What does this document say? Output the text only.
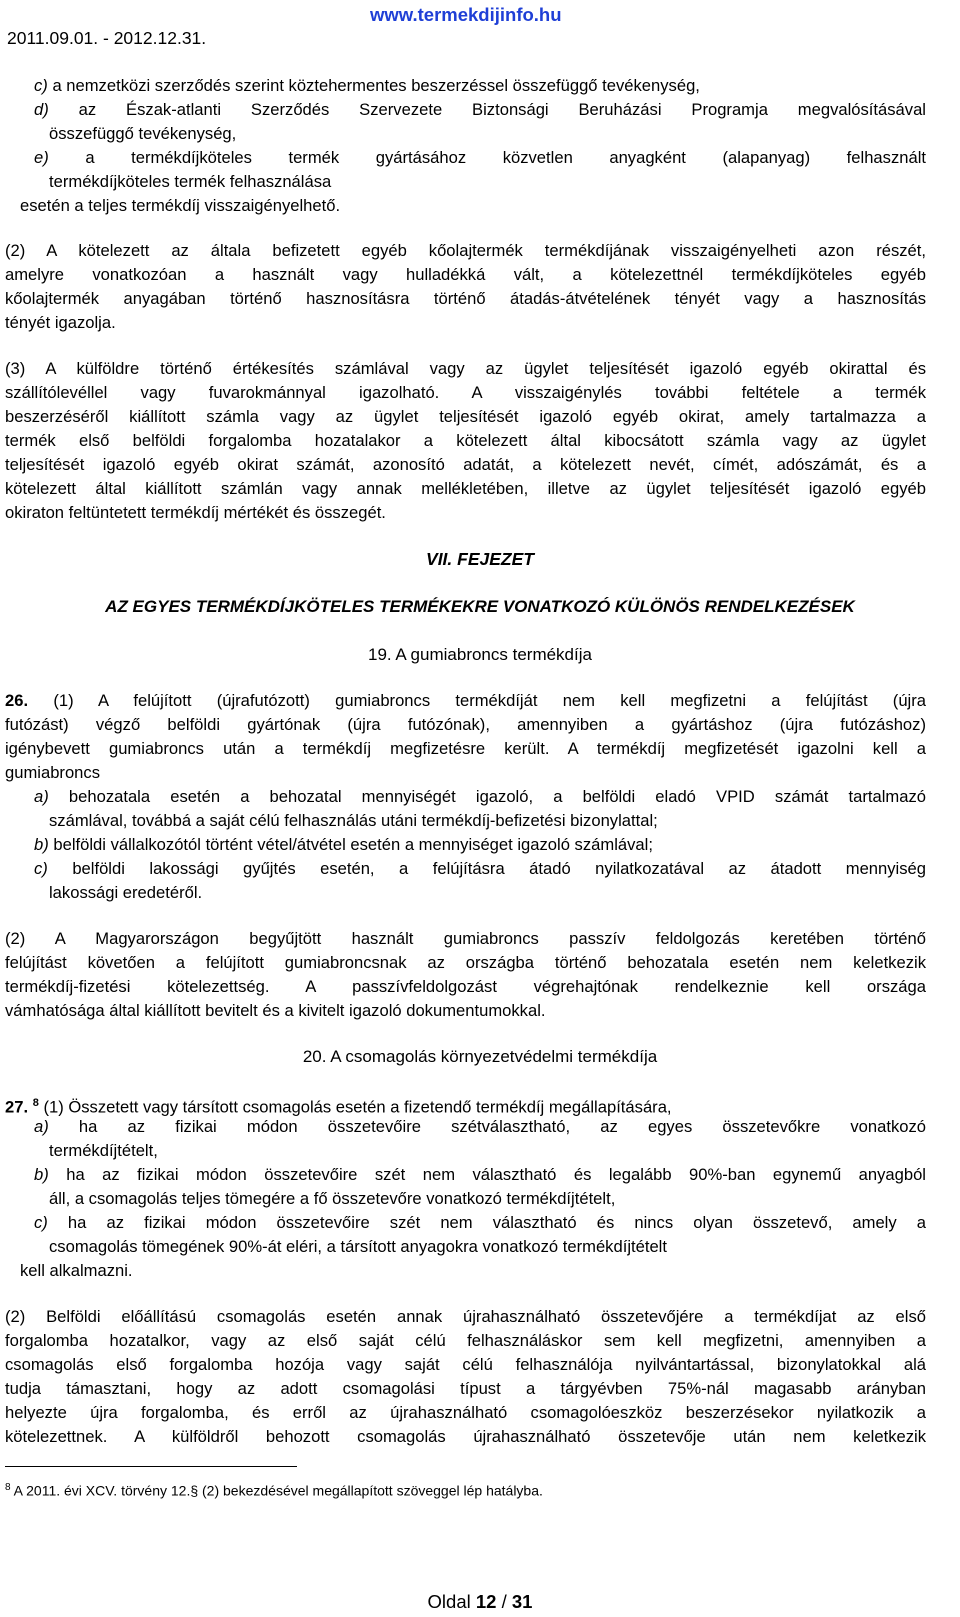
www.termekdijinfo.hu
2011.09.01. - 2012.12.31.
c) a nemzetközi szerződés szerint köztehermentes beszerzéssel összefüggő tevékenység,
d) az Észak-atlanti Szerződés Szervezete Biztonsági Beruházási Programja megvalósításával
összefüggő tevékenység,
e) a termékdíjköteles termék gyártásához közvetlen anyagként (alapanyag) felhasznált
termékdíjköteles termék felhasználása
esetén a teljes termékdíj visszaigényelhető.
(2) A kötelezett az általa befizetett egyéb kőolajtermék termékdíjának visszaigényelheti azon részét,
amelyre vonatkozóan a használt vagy hulladékká vált, a kötelezettnél termékdíjköteles egyéb
kőolajtermék anyagában történő hasznosításra történő átadás-átvételének tényét vagy a hasznosítás
tényét igazolja.
(3) A külföldre történő értékesítés számlával vagy az ügylet teljesítését igazoló egyéb okirattal és
szállítólevéllel vagy fuvarokmánnyal igazolható. A visszaigénylés további feltétele a termék
beszerzéséről kiállított számla vagy az ügylet teljesítését igazoló egyéb okirat, amely tartalmazza a
termék első belföldi forgalomba hozatalakor a kötelezett által kibocsátott számla vagy az ügylet
teljesítését igazoló egyéb okirat számát, azonosító adatát, a kötelezett nevét, címét, adószámát, és a
kötelezett által kiállított számlán vagy annak mellékletében, illetve az ügylet teljesítését igazoló egyéb
okiraton feltüntetett termékdíj mértékét és összegét.
VII. FEJEZET
AZ EGYES TERMÉKDÍJKÖTELES TERMÉKEKRE VONATKOZÓ KÜLÖNÖS RENDELKEZÉSEK
19. A gumiabroncs termékdíja
26. (1) A felújított (újrafutózott) gumiabroncs termékdíját nem kell megfizetni a felújítást (újra
futózást) végző belföldi gyártónak (újra futózónak), amennyiben a gyártáshoz (újra futózáshoz)
igénybevett gumiabroncs után a termékdíj megfizetésre került. A termékdíj megfizetését igazolni kell a
gumiabroncs
a) behozatala esetén a behozatal mennyiségét igazoló, a belföldi eladó VPID számát tartalmazó
számlával, továbbá a saját célú felhasználás utáni termékdíj-befizetési bizonylattal;
b) belföldi vállalkozótól történt vétel/átvétel esetén a mennyiséget igazoló számlával;
c) belföldi lakossági gyűjtés esetén, a felújításra átadó nyilatkozatával az átadott mennyiség
lakossági eredetéről.
(2) A Magyarországon begyűjtött használt gumiabroncs passzív feldolgozás keretében történő
felújítást követően a felújított gumiabroncsnak az országba történő behozatala esetén nem keletkezik
termékdíj-fizetési kötelezettség. A passzívfeldolgozást végrehajtónak rendelkeznie kell országa
vámhatósága által kiállított bevitelt és a kivitelt igazoló dokumentumokkal.
20. A csomagolás környezetvédelmi termékdíja
27. $^8$ (1) Összetett vagy társított csomagolás esetén a fizetendő termékdíj megállapítására,
a) ha az fizikai módon összetevőire szétválasztható, az egyes összetevőkre vonatkozó
termékdíjtételt,
b) ha az fizikai módon összetevőire szét nem választható és legalább 90%-ban egynemű anyagból
áll, a csomagolás teljes tömegére a fő összetevőre vonatkozó termékdíjtételt,
c) ha az fizikai módon összetevőire szét nem választható és nincs olyan összetevő, amely a
csomagolás tömegének 90%-át eléri, a társított anyagokra vonatkozó termékdíjtételt
kell alkalmazni.
(2) Belföldi előállítású csomagolás esetén annak újrahasználható összetevőjére a termékdíjat az első
forgalomba hozatalkor, vagy az első saját célú felhasználáskor sem kell megfizetni, amennyiben a
csomagolás első forgalomba hozója vagy saját célú felhasználója nyilvántartással, bizonylatokkal alá
tudja támasztani, hogy az adott csomagolási típust a tárgyévben 75%-nál magasabb arányban
helyezte újra forgalomba, és erről az újrahasználható csomagolóeszköz beszerzésekor nyilatkozik a
kötelezettnek. A külföldről behozott csomagolás újrahasználható összetevője után nem keletkezik
$^8$ A 2011. évi XCV. törvény 12.§ (2) bekezdésével megállapított szöveggel lép hatályba.
Oldal 12 / 31
